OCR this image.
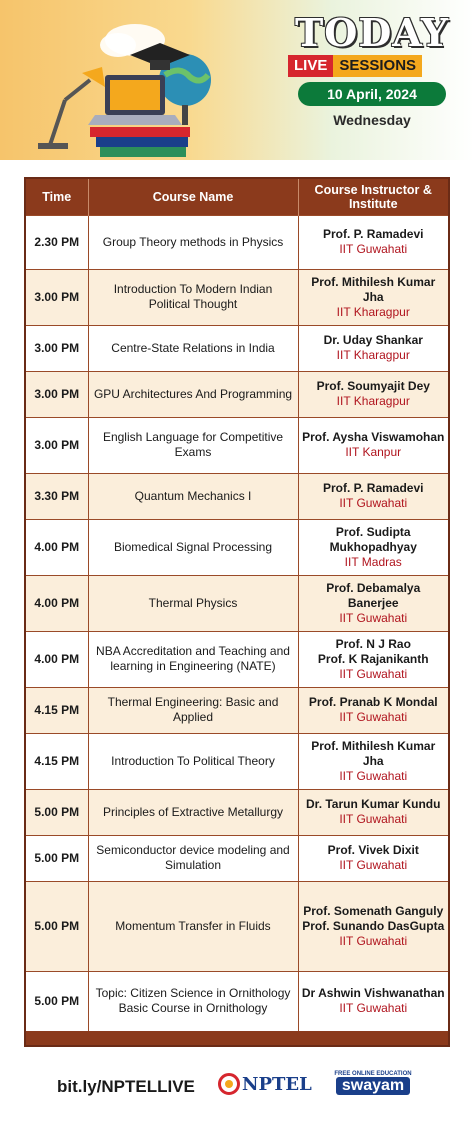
TODAY
LIVE SESSIONS
10 April, 2024
Wednesday
Time	Course Name	Course Instructor & Institute
2.30 PM	Group Theory methods in Physics	Prof. P. Ramadevi
IIT Guwahati

3.00 PM	Introduction To Modern Indian Political Thought	Prof. Mithilesh Kumar Jha
IIT Kharagpur

3.00 PM	Centre-State Relations in India	Dr. Uday Shankar
IIT Kharagpur

3.00 PM	GPU Architectures And Programming	Prof. Soumyajit Dey
IIT Kharagpur

3.00 PM	English Language for Competitive Exams	Prof. Aysha Viswamohan
IIT Kanpur

3.30 PM	Quantum Mechanics I	Prof. P. Ramadevi
IIT Guwahati

4.00 PM	Biomedical Signal Processing	Prof. Sudipta Mukhopadhyay
IIT Madras

4.00 PM	Thermal Physics	Prof. Debamalya Banerjee
IIT Guwahati

4.00 PM	NBA Accreditation and Teaching and learning in Engineering (NATE)	Prof. N J Rao
Prof. K Rajanikanth
IIT Guwahati

4.15 PM	Thermal Engineering: Basic and Applied	Prof. Pranab K Mondal
IIT Guwahati

4.15 PM	Introduction To Political Theory	Prof. Mithilesh Kumar Jha
IIT Guwahati

5.00 PM	Principles of Extractive Metallurgy	Dr. Tarun Kumar Kundu
IIT Guwahati

5.00 PM	Semiconductor device modeling and Simulation	Prof. Vivek Dixit
IIT Guwahati

5.00 PM	Momentum Transfer in Fluids	Prof. Somenath Ganguly
Prof. Sunando DasGupta
IIT Guwahati

5.00 PM	Topic: Citizen Science in Ornithology
Basic Course in Ornithology	Dr Ashwin Vishwanathan
IIT Guwahati
bit.ly/NPTELLIVE	NPTEL	FREE ONLINE EDUCATION
swayam
